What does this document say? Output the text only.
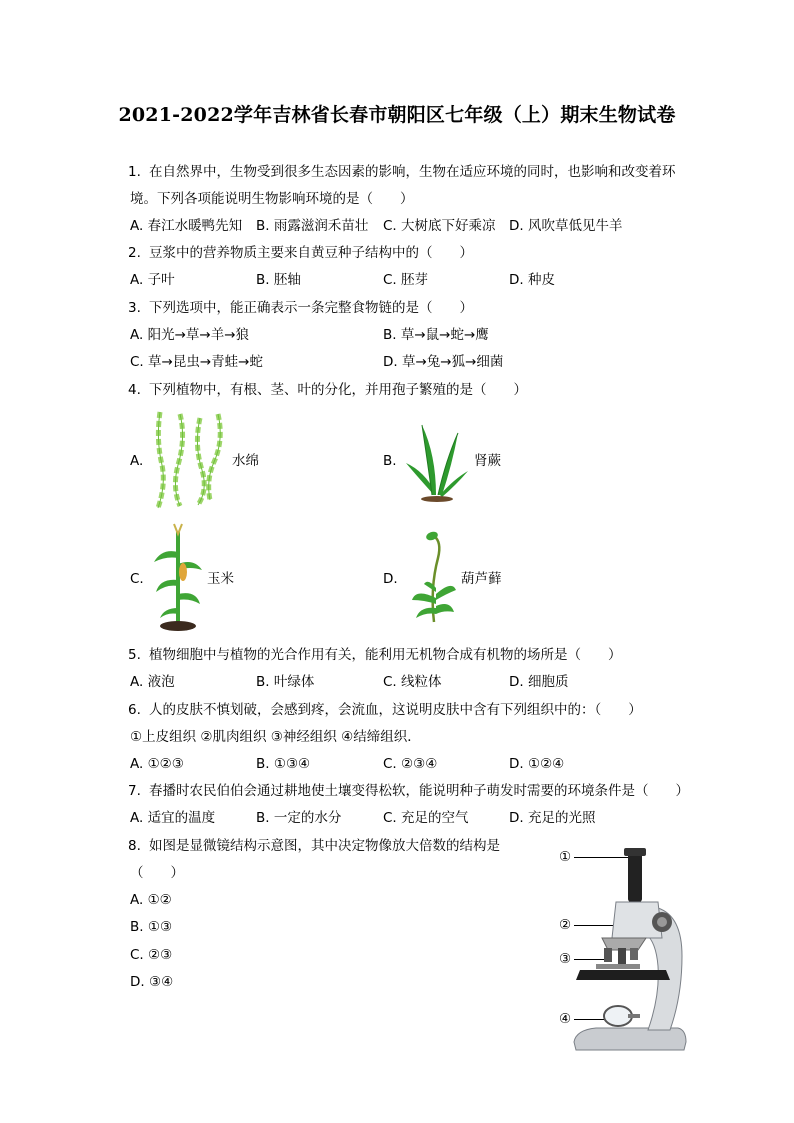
2021-2022学年吉林省长春市朝阳区七年级（上）期末生物试卷
1. 在自然界中，生物受到很多生态因素的影响，生物在适应环境的同时，也影响和改变着环
境。下列各项能说明生物影响环境的是（　　）
A. 春江水暖鸭先知 B. 雨露滋润禾苗壮 C. 大树底下好乘凉 D. 风吹草低见牛羊
2. 豆浆中的营养物质主要来自黄豆种子结构中的（　　）
A. 子叶	B. 胚轴	C. 胚芽	D. 种皮
3. 下列选项中，能正确表示一条完整食物链的是（　　）
A. 阳光→草→羊→狼	B. 草→鼠→蛇→鹰
C. 草→昆虫→青蛙→蛇	D. 草→兔→狐→细菌
4. 下列植物中，有根、茎、叶的分化，并用孢子繁殖的是（　　）
A.	水绵	B.	肾蕨
C.	玉米	D.	葫芦藓
5. 植物细胞中与植物的光合作用有关，能利用无机物合成有机物的场所是（　　）
A. 液泡	B. 叶绿体	C. 线粒体	D. 细胞质
6. 人的皮肤不慎划破，会感到疼，会流血，这说明皮肤中含有下列组织中的：（　　）
①上皮组织 ②肌肉组织 ③神经组织 ④结缔组织．
A. ①②③	B. ①③④	C. ②③④	D. ①②④
7. 春播时农民伯伯会通过耕地使土壤变得松软，能说明种子萌发时需要的环境条件是（　　）
A. 适宜的温度	B. 一定的水分	C. 充足的空气	D. 充足的光照
8. 如图是显微镜结构示意图，其中决定物像放大倍数的结构是
（　　）
A. ①②
B. ①③
C. ②③
D. ③④
①
②
③
④
